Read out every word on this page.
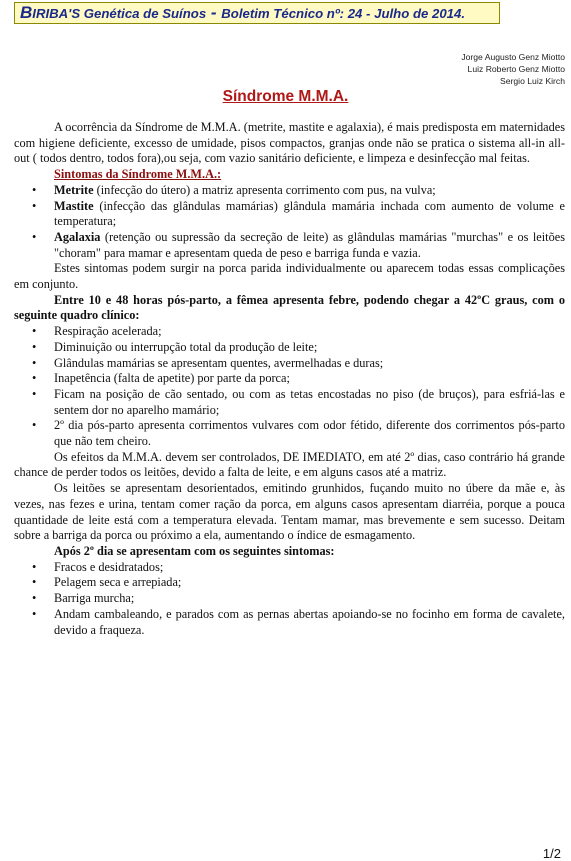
BIRIBA'S Genética de Suínos - Boletim Técnico nº: 24 - Julho de 2014.
Jorge Augusto Genz Miotto
Luiz Roberto Genz Miotto
Sergio Luiz Kirch
Síndrome M.M.A.

A ocorrência da Síndrome de M.M.A. (metrite, mastite e agalaxia), é mais predisposta em maternidades com higiene deficiente, excesso de umidade, pisos compactos, granjas onde não se pratica o sistema all-in all-out ( todos dentro, todos fora),ou seja, com vazio sanitário deficiente, e limpeza e desinfecção mal feitas.

Sintomas da Síndrome M.M.A.:

• Metrite (infecção do útero) a matriz apresenta corrimento com pus, na vulva;
• Mastite (infecção das glândulas mamárias) glândula mamária inchada com aumento de volume e temperatura;
• Agalaxia (retenção ou supressão da secreção de leite) as glândulas mamárias "murchas" e os leitões "choram" para mamar e apresentam queda de peso e barriga funda e vazia.

Estes sintomas podem surgir na porca parida individualmente ou aparecem todas essas complicações em conjunto.

Entre 10 e 48 horas pós-parto, a fêmea apresenta febre, podendo chegar a 42ºC graus, com o seguinte quadro clínico:

• Respiração acelerada;
• Diminuição ou interrupção total da produção de leite;
• Glândulas mamárias se apresentam quentes, avermelhadas e duras;
• Inapetência (falta de apetite) por parte da porca;
• Ficam na posição de cão sentado, ou com as tetas encostadas no piso (de bruços), para esfriá-las e sentem dor no aparelho mamário;
• 2º dia pós-parto apresenta corrimentos vulvares com odor fétido, diferente dos corrimentos pós-parto que não tem cheiro.

Os efeitos da M.M.A. devem ser controlados, DE IMEDIATO, em até 2º dias, caso contrário há grande chance de perder todos os leitões, devido a falta de leite, e em alguns casos até a matriz.

Os leitões se apresentam desorientados, emitindo grunhidos, fuçando muito no úbere da mãe e, às vezes, nas fezes e urina, tentam comer ração da porca, em alguns casos apresentam diarréia, porque a pouca quantidade de leite está com a temperatura elevada. Tentam mamar, mas brevemente e sem sucesso. Deitam sobre a barriga da porca ou próximo a ela, aumentando o índice de esmagamento.

Após 2º dia se apresentam com os seguintes sintomas:

• Fracos e desidratados;
• Pelagem seca e arrepiada;
• Barriga murcha;
• Andam cambaleando, e parados com as pernas abertas apoiando-se no focinho em forma de cavalete, devido a fraqueza.
1/2
